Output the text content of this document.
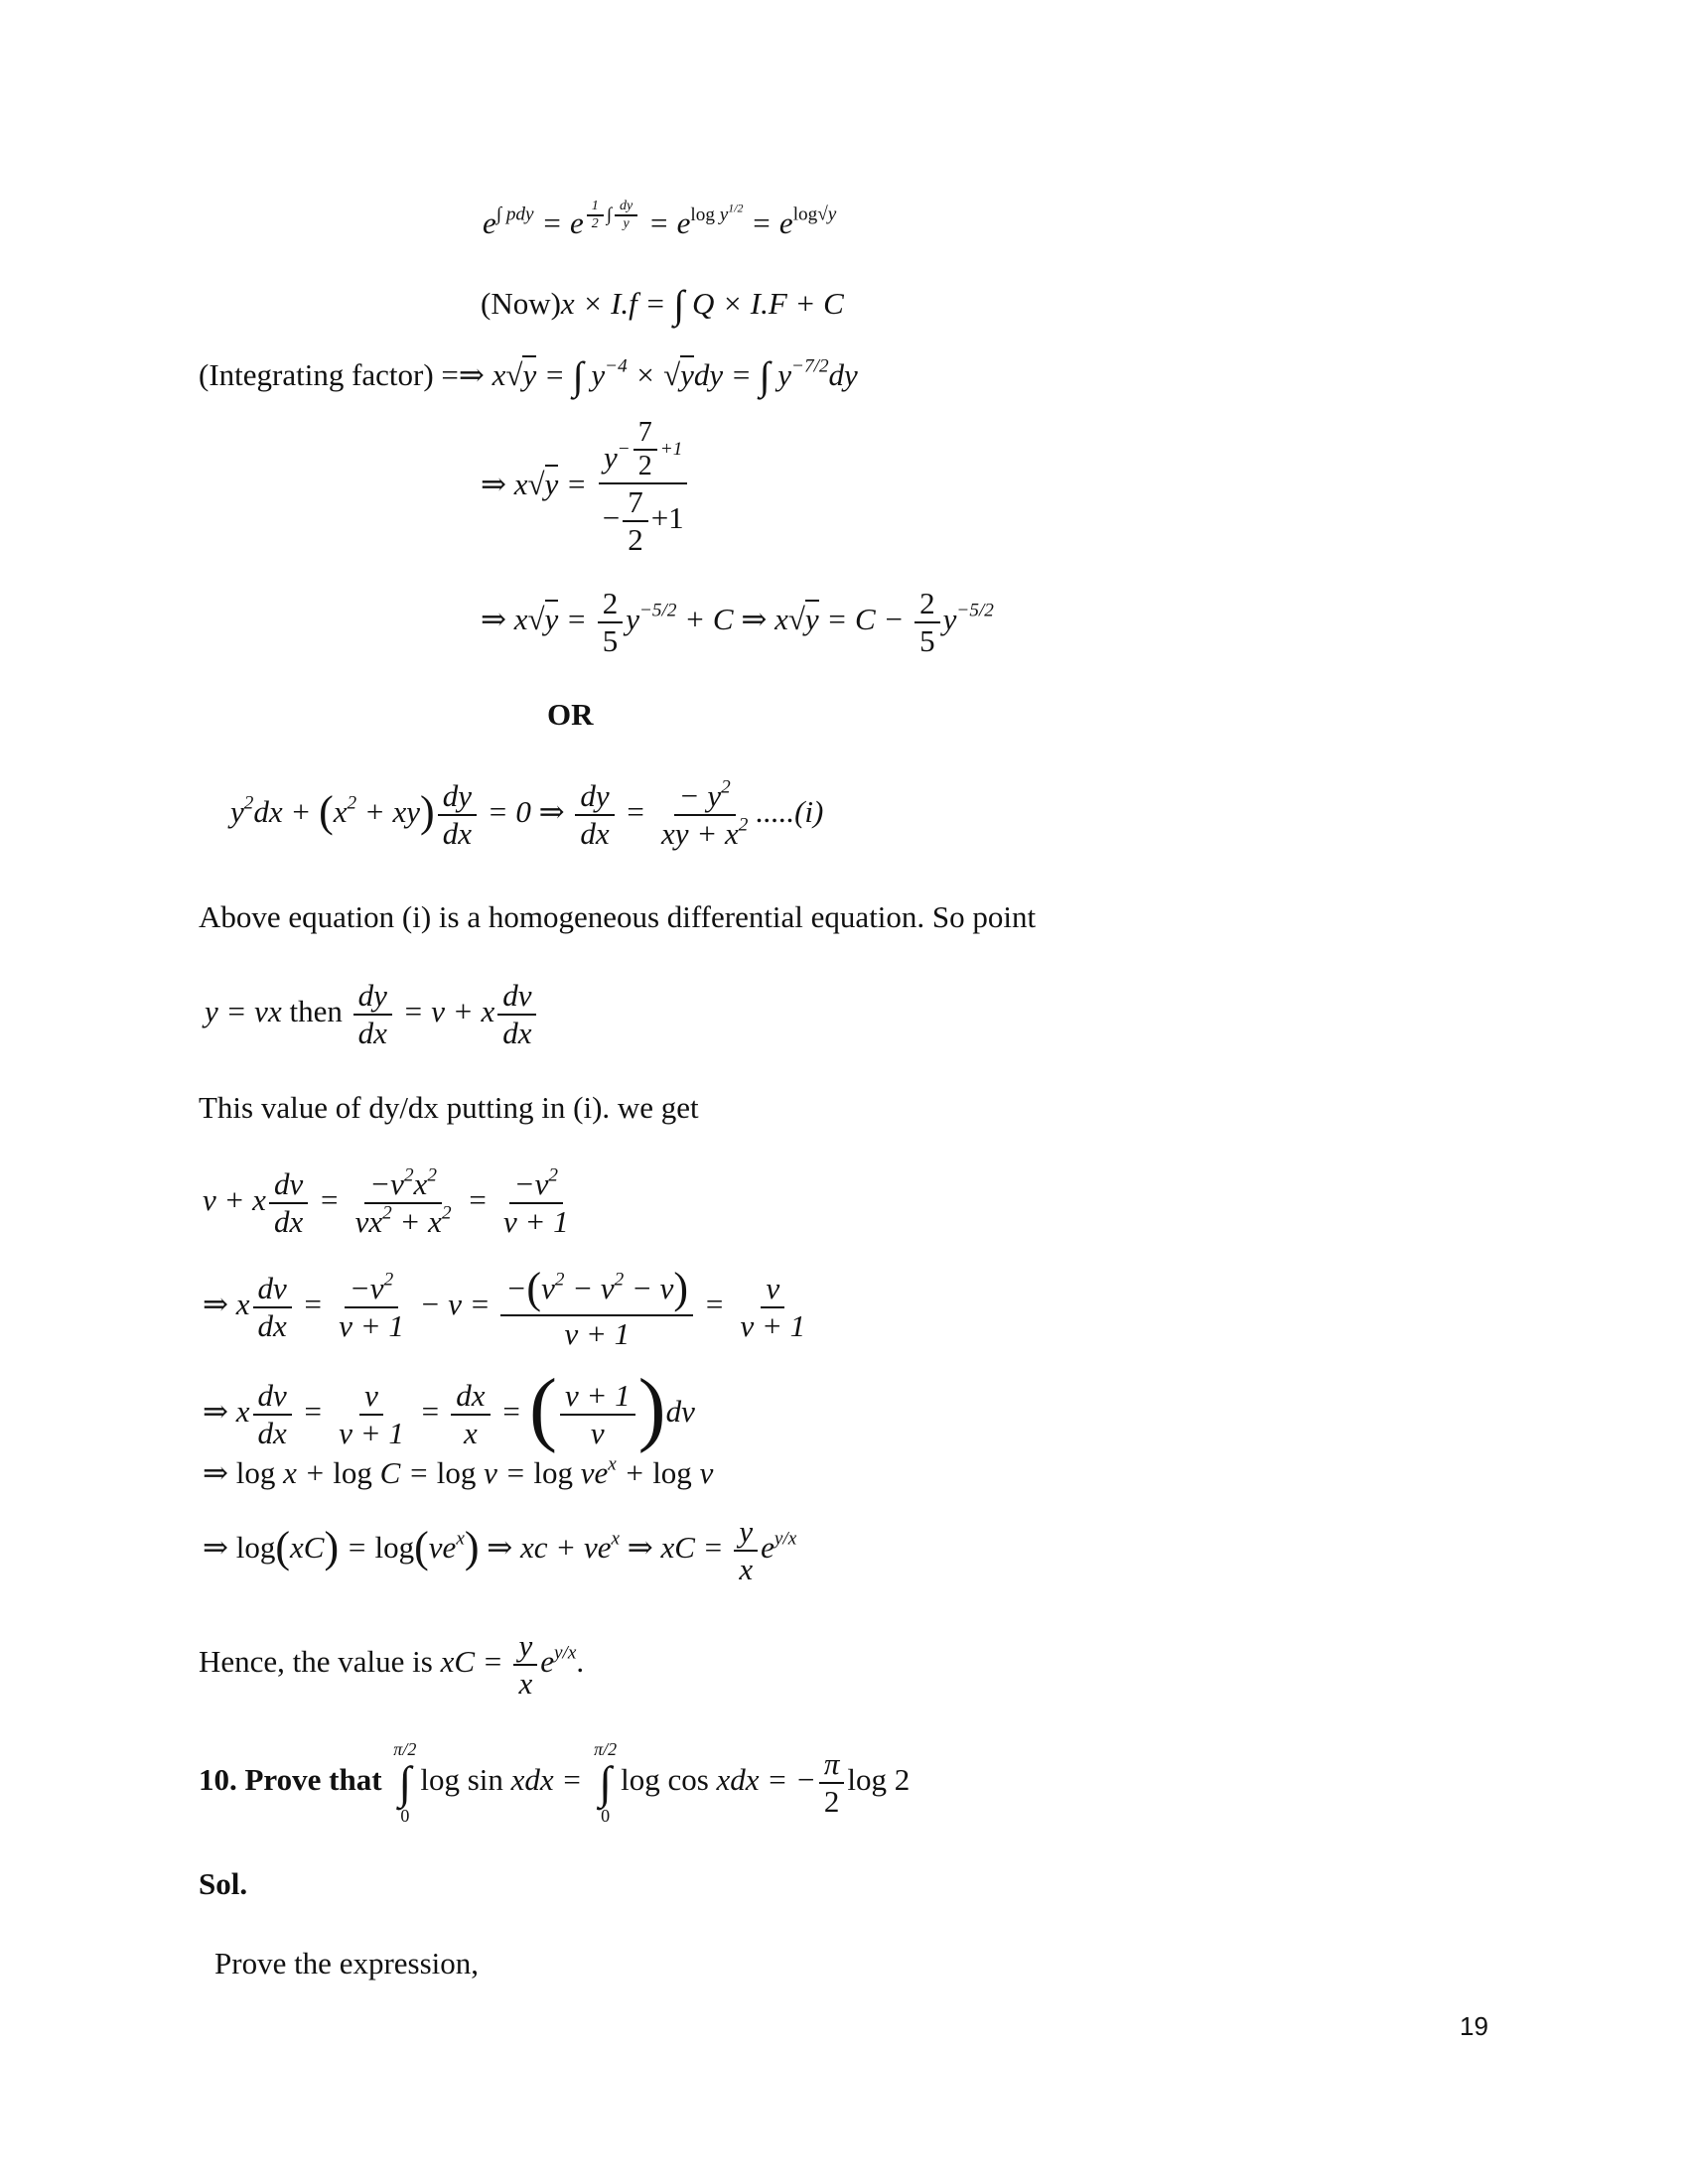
$e^{\int pdy} = e$ $^{\frac{1}{2} \int \frac{dy}{y}} = e^{log y^{1/2}} = e^{log√y}$
(Now)x × I.f = ∫ Q × I.F + C
(Integrating factor) =⇒ x√y = ∫ $y^{-4} \times √ydy$ = ∫ $y^{-7/2}dy$
⇒ $x√y = y^{- \frac{7}{2} +1}$
− $\frac{7}{2} +1$
⇒ $x√y = \frac{2}{5} y^{-5/2} + C$ ⇒ $x√y = C - \frac{2}{5} y^{-5/2}$
OR
$y^2dx + (x^2 + xy) \frac{dy}{dx} = 0$ ⇒ $\frac{dy}{dx} = \frac{- y^2}{xy + x^2} .....(i)$
Above equation (i) is a homogeneous differential equation. So point
y = vx then $\frac{dy}{dx} = v + x \frac{dv}{dx}$
This value of dy/dx putting in (i). we get
v + x $\frac{dv}{dx} = \frac{-v^2x^2}{vx^2 + x^2} = \frac{-v^2}{v + 1}$
⇒ x $\frac{dv}{dx} = \frac{-v^2}{v + 1} - v = \frac{-(v^2 - v^2 - v)}{v + 1} = \frac{v}{v + 1}$
⇒ x $\frac{dv}{dx} = \frac{v}{v + 1} = \frac{dx}{x}$ = ( $\frac{v + 1}{v} )dv$
⇒ $\log x + \log C = \log v = \log ve^x + \log v$
⇒ $\log(xC) = \log(ve^x)$ ⇒ xc + $ve^x$ ⇒ xC = $\frac{y}{x} e^{y/x}$
Hence, the value is xC = $\frac{y}{x} e^{y/x}$.
10. Prove that
π/2
∫
0
log sin xdx =
π/2
∫
0
log cos xdx = − $\frac{\pi}{2}$ log 2
Sol.
Prove the expression,
19
